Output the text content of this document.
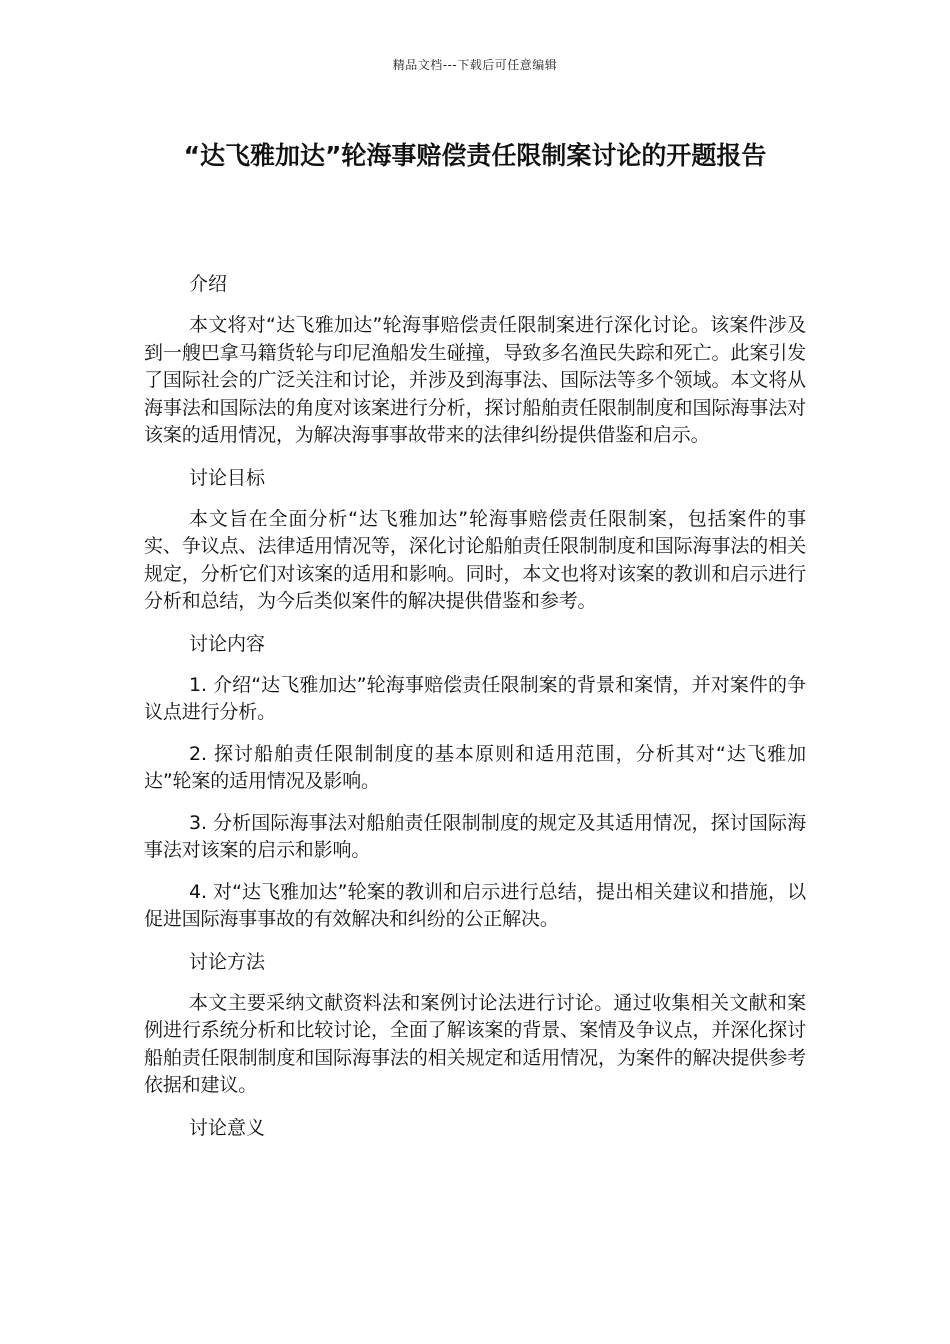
精品文档---下载后可任意编辑
“达飞雅加达”轮海事赔偿责任限制案讨论的开题报告

介绍

本文将对“达飞雅加达”轮海事赔偿责任限制案进行深化讨论。该案件涉及到一艘巴拿马籍货轮与印尼渔船发生碰撞，导致多名渔民失踪和死亡。此案引发了国际社会的广泛关注和讨论，并涉及到海事法、国际法等多个领域。本文将从海事法和国际法的角度对该案进行分析，探讨船舶责任限制制度和国际海事法对该案的适用情况，为解决海事事故带来的法律纠纷提供借鉴和启示。

讨论目标

本文旨在全面分析“达飞雅加达”轮海事赔偿责任限制案，包括案件的事实、争议点、法律适用情况等，深化讨论船舶责任限制制度和国际海事法的相关规定，分析它们对该案的适用和影响。同时，本文也将对该案的教训和启示进行分析和总结，为今后类似案件的解决提供借鉴和参考。

讨论内容

1. 介绍“达飞雅加达”轮海事赔偿责任限制案的背景和案情，并对案件的争议点进行分析。

2. 探讨船舶责任限制制度的基本原则和适用范围，分析其对“达飞雅加达”轮案的适用情况及影响。

3. 分析国际海事法对船舶责任限制制度的规定及其适用情况，探讨国际海事法对该案的启示和影响。

4. 对“达飞雅加达”轮案的教训和启示进行总结，提出相关建议和措施，以促进国际海事事故的有效解决和纠纷的公正解决。

讨论方法

本文主要采纳文献资料法和案例讨论法进行讨论。通过收集相关文献和案例进行系统分析和比较讨论，全面了解该案的背景、案情及争议点，并深化探讨船舶责任限制制度和国际海事法的相关规定和适用情况，为案件的解决提供参考依据和建议。

讨论意义
